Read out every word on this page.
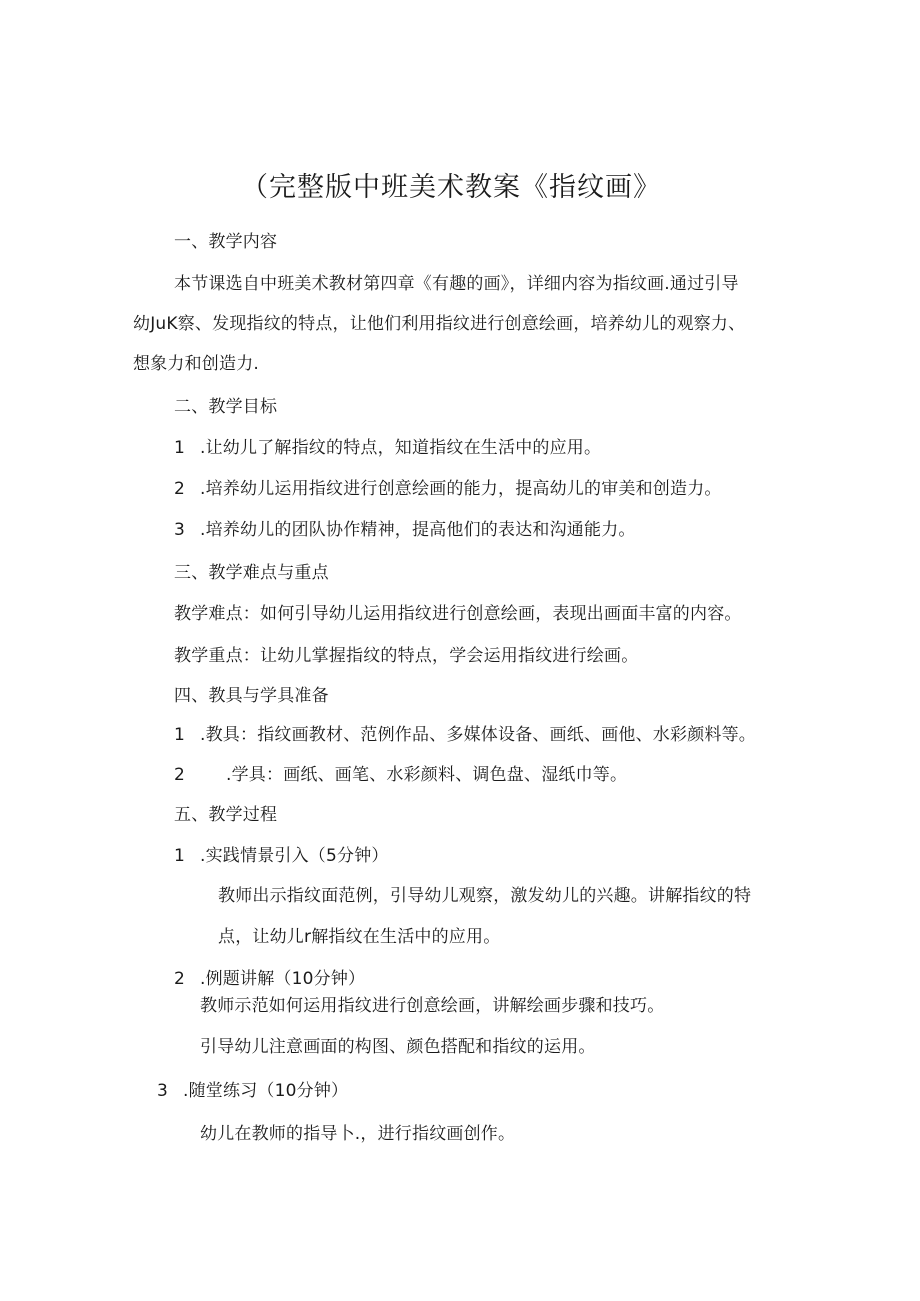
（完整版中班美术教案《指纹画》
一、教学内容
本节课选自中班美术教材第四章《有趣的画》，详细内容为指纹画.通过引导
幼JuK察、发现指纹的特点，让他们利用指纹进行创意绘画，培养幼儿的观察力、
想象力和创造力.
二、教学目标
1 .让幼儿了解指纹的特点，知道指纹在生活中的应用。
2 .培养幼儿运用指纹进行创意绘画的能力，提高幼儿的审美和创造力。
3 .培养幼儿的团队协作精神，提高他们的表达和沟通能力。
三、教学难点与重点
教学难点：如何引导幼儿运用指纹进行创意绘画，表现出画面丰富的内容。
教学重点：让幼儿掌握指纹的特点，学会运用指纹进行绘画。
四、教具与学具准备
1 .教具：指纹画教材、范例作品、多媒体设备、画纸、画他、水彩颜料等。
2 .学具：画纸、画笔、水彩颜料、调色盘、湿纸巾等。
五、教学过程
1 .实践情景引入（5分钟）
教师出示指纹面范例，引导幼儿观察，激发幼儿的兴趣。讲解指纹的特
点，让幼儿r解指纹在生活中的应用。
2 .例题讲解（10分钟）
教师示范如何运用指纹进行创意绘画，讲解绘画步骤和技巧。
引导幼儿注意画面的构图、颜色搭配和指纹的运用。
3 .随堂练习（10分钟）
幼儿在教师的指导卜.，进行指纹画创作。
